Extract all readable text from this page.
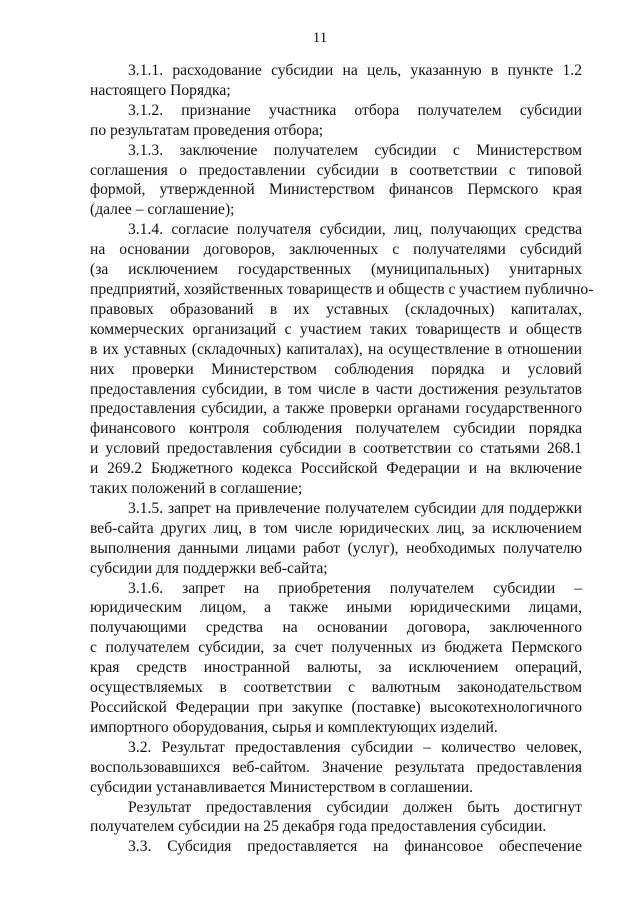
11
3.1.1. расходование субсидии на цель, указанную в пункте 1.2
настоящего Порядка;
3.1.2. признание участника отбора получателем субсидии
по результатам проведения отбора;
3.1.3. заключение получателем субсидии с Министерством
соглашения о предоставлении субсидии в соответствии с типовой
формой, утвержденной Министерством финансов Пермского края
(далее – соглашение);
3.1.4. согласие получателя субсидии, лиц, получающих средства
на основании договоров, заключенных с получателями субсидий
(за исключением государственных (муниципальных) унитарных
предприятий, хозяйственных товариществ и обществ с участием публично-
правовых образований в их уставных (складочных) капиталах,
коммерческих организаций с участием таких товариществ и обществ
в их уставных (складочных) капиталах), на осуществление в отношении
них проверки Министерством соблюдения порядка и условий
предоставления субсидии, в том числе в части достижения результатов
предоставления субсидии, а также проверки органами государственного
финансового контроля соблюдения получателем субсидии порядка
и условий предоставления субсидии в соответствии со статьями 268.1
и 269.2 Бюджетного кодекса Российской Федерации и на включение
таких положений в соглашение;
3.1.5. запрет на привлечение получателем субсидии для поддержки
веб-сайта других лиц, в том числе юридических лиц, за исключением
выполнения данными лицами работ (услуг), необходимых получателю
субсидии для поддержки веб-сайта;
3.1.6. запрет на приобретения получателем субсидии –
юридическим лицом, а также иными юридическими лицами,
получающими средства на основании договора, заключенного
с получателем субсидии, за счет полученных из бюджета Пермского
края средств иностранной валюты, за исключением операций,
осуществляемых в соответствии с валютным законодательством
Российской Федерации при закупке (поставке) высокотехнологичного
импортного оборудования, сырья и комплектующих изделий.
3.2. Результат предоставления субсидии – количество человек,
воспользовавшихся веб-сайтом. Значение результата предоставления
субсидии устанавливается Министерством в соглашении.
Результат предоставления субсидии должен быть достигнут
получателем субсидии на 25 декабря года предоставления субсидии.
3.3. Субсидия предоставляется на финансовое обеспечение
